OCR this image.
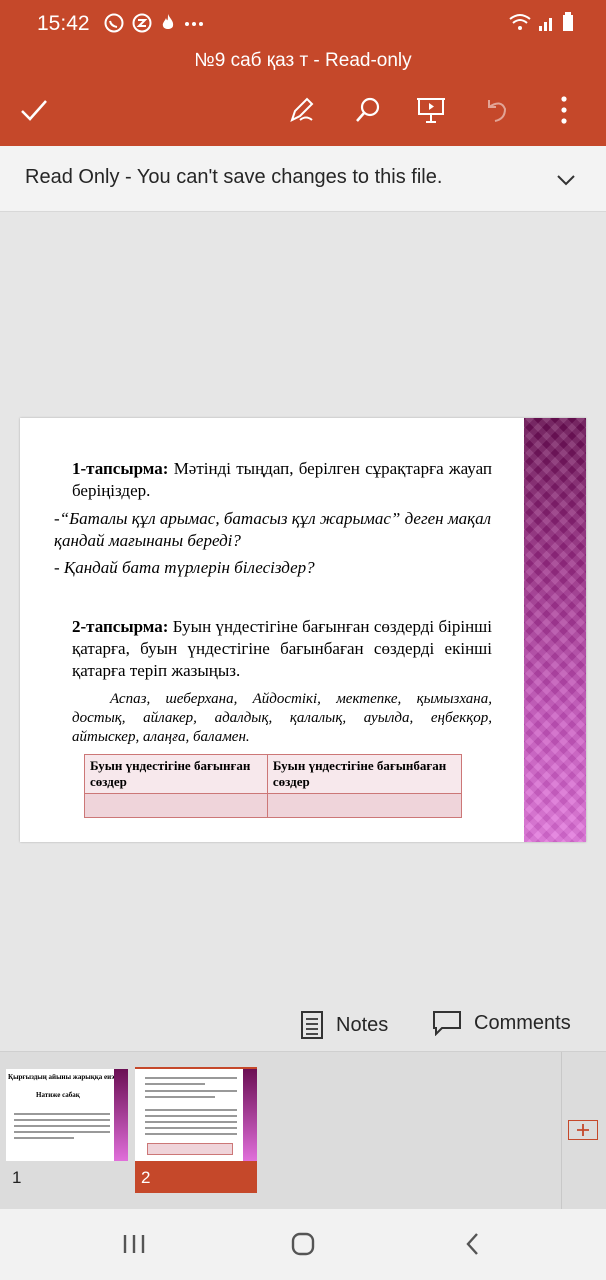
15:42
№9 саб қаз т - Read-only
Read Only - You can't save changes to this file.
1-тапсырма: Мәтінді тыңдап, берілген сұрақтарға жауап беріңіздер.
-“Баталы құл арымас, батасыз құл жарымас” деген мақал қандай мағынаны береді?
- Қандай бата түрлерін білесіздер?
2-тапсырма: Буын үндестігіне бағынған сөздерді бірінші қатарға, буын үндестігіне бағынбаған сөздерді екінші қатарға теріп жазыңыз.
Аспаз, шеберхана, Айдостікі, мектепке, қымызхана, достық, айлакер, адалдық, қалалық, ауылда, еңбекқор, айтыскер, алаңға, баламен.
Буын үндестігіне бағынған сөздер	Буын үндестігіне бағынбаған сөздер

Notes	Comments
Қырғыздың айыны жарыққа еиэ
Натиже сабақ
1	2
